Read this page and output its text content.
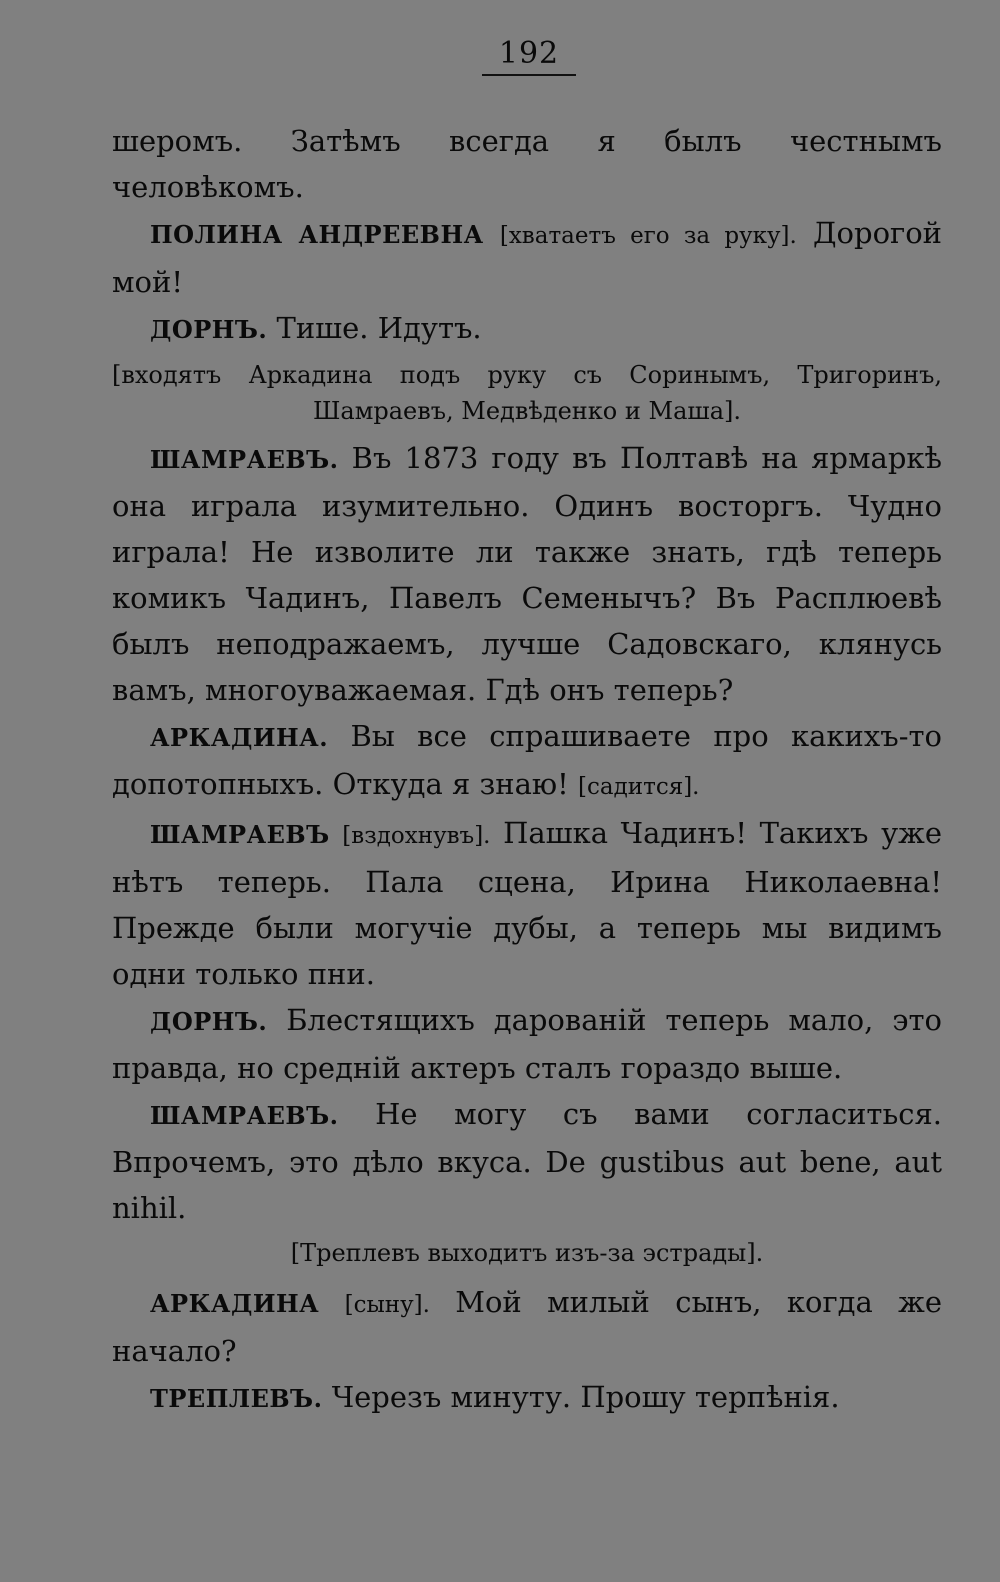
192

шеромъ. Затѣмъ всегда я былъ честнымъ человѣкомъ.

ПОЛИНА АНДРЕЕВНА [хватаетъ его за руку]. Дорогой мой!

ДОРНЪ. Тише. Идутъ.

[входятъ Аркадина подъ руку съ Соринымъ, Тригоринъ,
Шамраевъ, Медвѣденко и Маша].

ШАМРАЕВЪ. Въ 1873 году въ Полтавѣ на ярмаркѣ она играла изумительно. Одинъ восторгъ. Чудно играла! Не изволите ли также знать, гдѣ теперь комикъ Чадинъ, Павелъ Семенычъ? Въ Расплюевѣ былъ неподражаемъ, лучше Садовскаго, клянусь вамъ, многоуважаемая. Гдѣ онъ теперь?

АРКАДИНА. Вы все спрашиваете про какихъ-то допотопныхъ. Откуда я знаю! [садится].

ШАМРАЕВЪ [вздохнувъ]. Пашка Чадинъ! Такихъ уже нѣтъ теперь. Пала сцена, Ирина Николаевна! Прежде были могучіе дубы, а теперь мы видимъ одни только пни.

ДОРНЪ. Блестящихъ дарованій теперь мало, это правда, но средній актеръ сталъ гораздо выше.

ШАМРАЕВЪ. Не могу съ вами согласиться. Впрочемъ, это дѣло вкуса. De gustibus aut bene, aut nihil.

[Треплевъ выходитъ изъ-за эстрады].

АРКАДИНА [сыну]. Мой милый сынъ, когда же начало?

ТРЕПЛЕВЪ. Черезъ минуту. Прошу терпѣнія.
